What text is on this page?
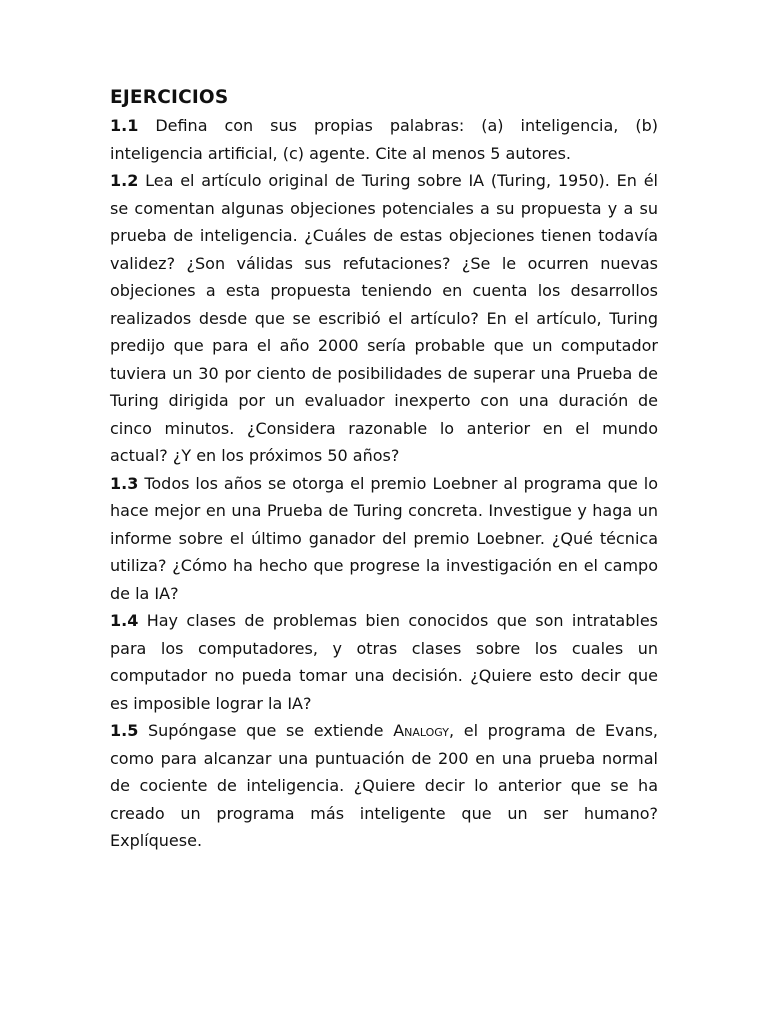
EJERCICIOS

1.1 Defina con sus propias palabras: (a) inteligencia, (b) inteligencia artificial, (c) agente. Cite al menos 5 autores.

1.2 Lea el artículo original de Turing sobre IA (Turing, 1950). En él se comentan algunas objeciones potenciales a su propuesta y a su prueba de inteligencia. ¿Cuáles de estas objeciones tienen todavía validez? ¿Son válidas sus refutaciones? ¿Se le ocurren nuevas objeciones a esta propuesta teniendo en cuenta los desarrollos realizados desde que se escribió el artículo? En el artículo, Turing predijo que para el año 2000 sería probable que un computador tuviera un 30 por ciento de posibilidades de superar una Prueba de Turing dirigida por un evaluador inexperto con una duración de cinco minutos. ¿Considera razonable lo anterior en el mundo actual? ¿Y en los próximos 50 años?

1.3 Todos los años se otorga el premio Loebner al programa que lo hace mejor en una Prueba de Turing concreta. Investigue y haga un informe sobre el último ganador del premio Loebner. ¿Qué técnica utiliza? ¿Cómo ha hecho que progrese la investigación en el campo de la IA?

1.4 Hay clases de problemas bien conocidos que son intratables para los computadores, y otras clases sobre los cuales un computador no pueda tomar una decisión. ¿Quiere esto decir que es imposible lograr la IA?

1.5 Supóngase que se extiende Analogy, el programa de Evans, como para alcanzar una puntuación de 200 en una prueba normal de cociente de inteligencia. ¿Quiere decir lo anterior que se ha creado un programa más inteligente que un ser humano? Explíquese.
